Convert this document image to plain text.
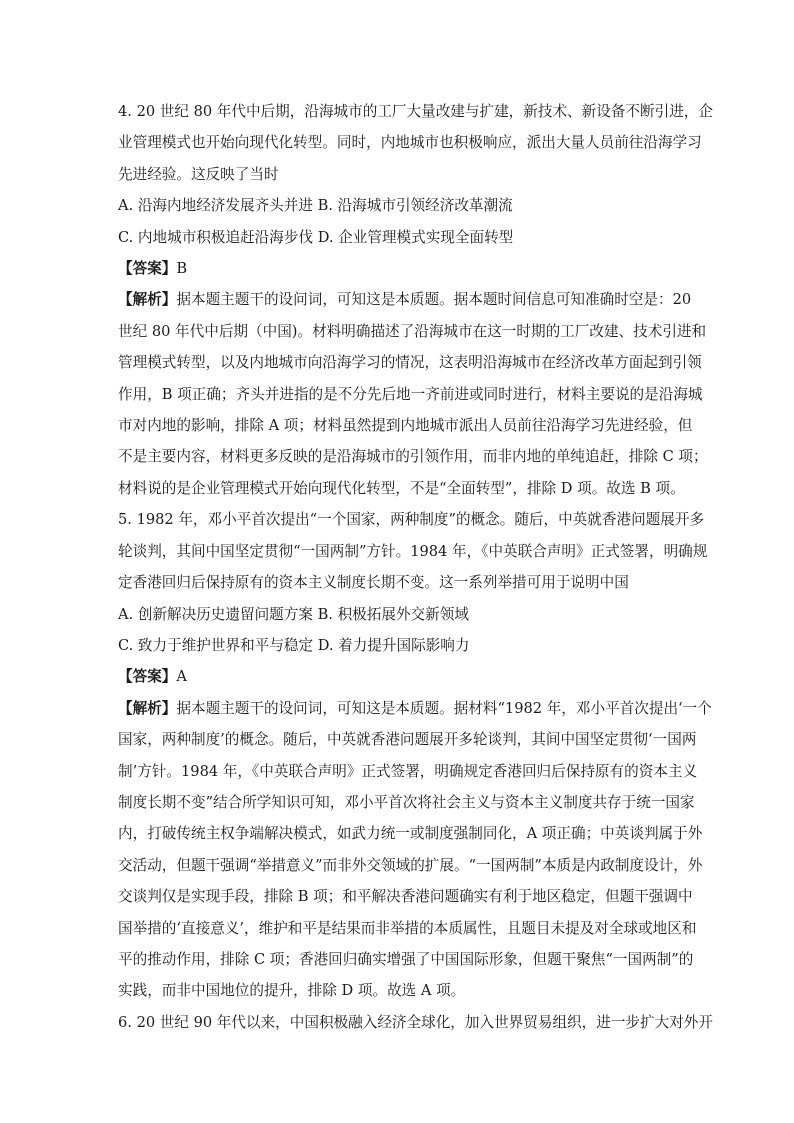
4. 20 世纪 80 年代中后期，沿海城市的工厂大量改建与扩建，新技术、新设备不断引进，企
业管理模式也开始向现代化转型。同时，内地城市也积极响应，派出大量人员前往沿海学习
先进经验。这反映了当时

A. 沿海内地经济发展齐头并进 B. 沿海城市引领经济改革潮流

C. 内地城市积极追赶沿海步伐 D. 企业管理模式实现全面转型

【答案】B

【解析】据本题主题干的设问词，可知这是本质题。据本题时间信息可知准确时空是：20
世纪 80 年代中后期（中国)。材料明确描述了沿海城市在这一时期的工厂改建、技术引进和
管理模式转型，以及内地城市向沿海学习的情况，这表明沿海城市在经济改革方面起到引领
作用，B 项正确；齐头并进指的是不分先后地一齐前进或同时进行，材料主要说的是沿海城
市对内地的影响，排除 A 项；材料虽然提到内地城市派出人员前往沿海学习先进经验，但
不是主要内容，材料更多反映的是沿海城市的引领作用，而非内地的单纯追赶，排除 C 项；
材料说的是企业管理模式开始向现代化转型，不是“全面转型”，排除 D 项。故选 B 项。
5. 1982 年，邓小平首次提出“一个国家，两种制度”的概念。随后，中英就香港问题展开多
轮谈判，其间中国坚定贯彻“一国两制”方针。1984 年，《中英联合声明》正式签署，明确规
定香港回归后保持原有的资本主义制度长期不变。这一系列举措可用于说明中国

A. 创新解决历史遗留问题方案 B. 积极拓展外交新领域

C. 致力于维护世界和平与稳定 D. 着力提升国际影响力

【答案】A

【解析】据本题主题干的设问词，可知这是本质题。据材料“1982 年，邓小平首次提出‘一个
国家，两种制度’的概念。随后，中英就香港问题展开多轮谈判，其间中国坚定贯彻‘一国两
制’方针。1984 年，《中英联合声明》正式签署，明确规定香港回归后保持原有的资本主义
制度长期不变”结合所学知识可知，邓小平首次将社会主义与资本主义制度共存于统一国家
内，打破传统主权争端解决模式，如武力统一或制度强制同化，A 项正确；中英谈判属于外
交活动，但题干强调“举措意义”而非外交领域的扩展。“一国两制”本质是内政制度设计，外
交谈判仅是实现手段，排除 B 项；和平解决香港问题确实有利于地区稳定，但题干强调中
国举措的‘直接意义’，维护和平是结果而非举措的本质属性，且题目未提及对全球或地区和
平的推动作用，排除 C 项；香港回归确实增强了中国国际形象，但题干聚焦“一国两制”的
实践，而非中国地位的提升，排除 D 项。故选 A 项。
6. 20 世纪 90 年代以来，中国积极融入经济全球化，加入世界贸易组织，进一步扩大对外开
